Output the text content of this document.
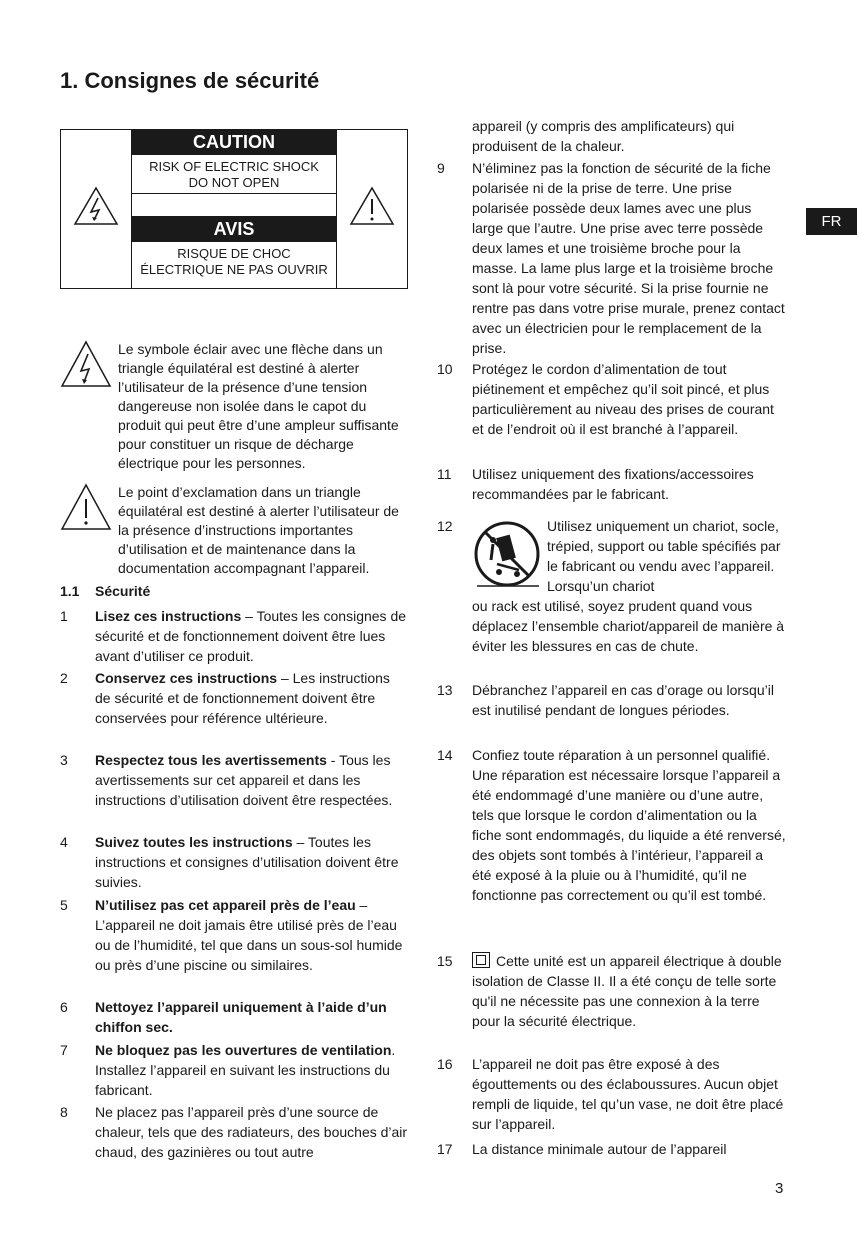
1. Consignes de sécurité
CAUTION
RISK OF ELECTRIC SHOCK
DO NOT OPEN
AVIS
RISQUE DE CHOC
ÉLECTRIQUE NE PAS OUVRIR
Le symbole éclair avec une flèche dans un triangle équilatéral est destiné à alerter l’utilisateur de la présence d’une tension dangereuse non isolée dans le capot du produit qui peut être d’une ampleur suffisante pour constituer un risque de décharge électrique pour les personnes.
Le point d’exclamation dans un triangle équilatéral est destiné à alerter l’utilisateur de la présence d’instructions importantes d’utilisation et de maintenance dans la documentation accompagnant l’appareil.
1.1 Sécurité
1 Lisez ces instructions – Toutes les consignes de sécurité et de fonctionnement doivent être lues avant d’utiliser ce produit.
2 Conservez ces instructions – Les instructions de sécurité et de fonctionnement doivent être conservées pour référence ultérieure.
3 Respectez tous les avertissements - Tous les avertissements sur cet appareil et dans les instructions d’utilisation doivent être respectées.
4 Suivez toutes les instructions – Toutes les instructions et consignes d’utilisation doivent être suivies.
5 N’utilisez pas cet appareil près de l’eau – L’appareil ne doit jamais être utilisé près de l’eau ou de l’humidité, tel que dans un sous-sol humide ou près d’une piscine ou similaires.
6 Nettoyez l’appareil uniquement à l’aide d’un chiffon sec.
7 Ne bloquez pas les ouvertures de ventilation. Installez l’appareil en suivant les instructions du fabricant.
8 Ne placez pas l’appareil près d’une source de chaleur, tels que des radiateurs, des bouches d’air chaud, des gazinières ou tout autre
appareil (y compris des amplificateurs) qui produisent de la chaleur.
9 N’éliminez pas la fonction de sécurité de la fiche polarisée ni de la prise de terre. Une prise polarisée possède deux lames avec une plus large que l’autre. Une prise avec terre possède deux lames et une troisième broche pour la masse. La lame plus large et la troisième broche sont là pour votre sécurité. Si la prise fournie ne rentre pas dans votre prise murale, prenez contact avec un électricien pour le remplacement de la prise.
10 Protégez le cordon d’alimentation de tout piétinement et empêchez qu’il soit pincé, et plus particulièrement au niveau des prises de courant et de l’endroit où il est branché à l’appareil.
11 Utilisez uniquement des fixations/accessoires recommandées par le fabricant.
12	Utilisez uniquement un chariot, socle, trépied, support ou table spécifiés par le fabricant ou vendu avec l’appareil. Lorsqu’un chariot
ou rack est utilisé, soyez prudent quand vous déplacez l’ensemble chariot/appareil de manière à éviter les blessures en cas de chute.
13 Débranchez l’appareil en cas d’orage ou lorsqu’il est inutilisé pendant de longues périodes.
14 Confiez toute réparation à un personnel qualifié. Une réparation est nécessaire lorsque l’appareil a été endommagé d’une manière ou d’une autre, tels que lorsque le cordon d’alimentation ou la fiche sont endommagés, du liquide a été renversé, des objets sont tombés à l’intérieur, l’appareil a été exposé à la pluie ou à l’humidité, qu’il ne fonctionne pas correctement ou qu’il est tombé.
15	Cette unité est un appareil électrique à double isolation de Classe II. Il a été conçu de telle sorte qu'il ne nécessite pas une connexion à la terre pour la sécurité électrique.
16 L’appareil ne doit pas être exposé à des égouttements ou des éclaboussures. Aucun objet rempli de liquide, tel qu’un vase, ne doit être placé sur l’appareil.
17 La distance minimale autour de l’appareil
FR
3
